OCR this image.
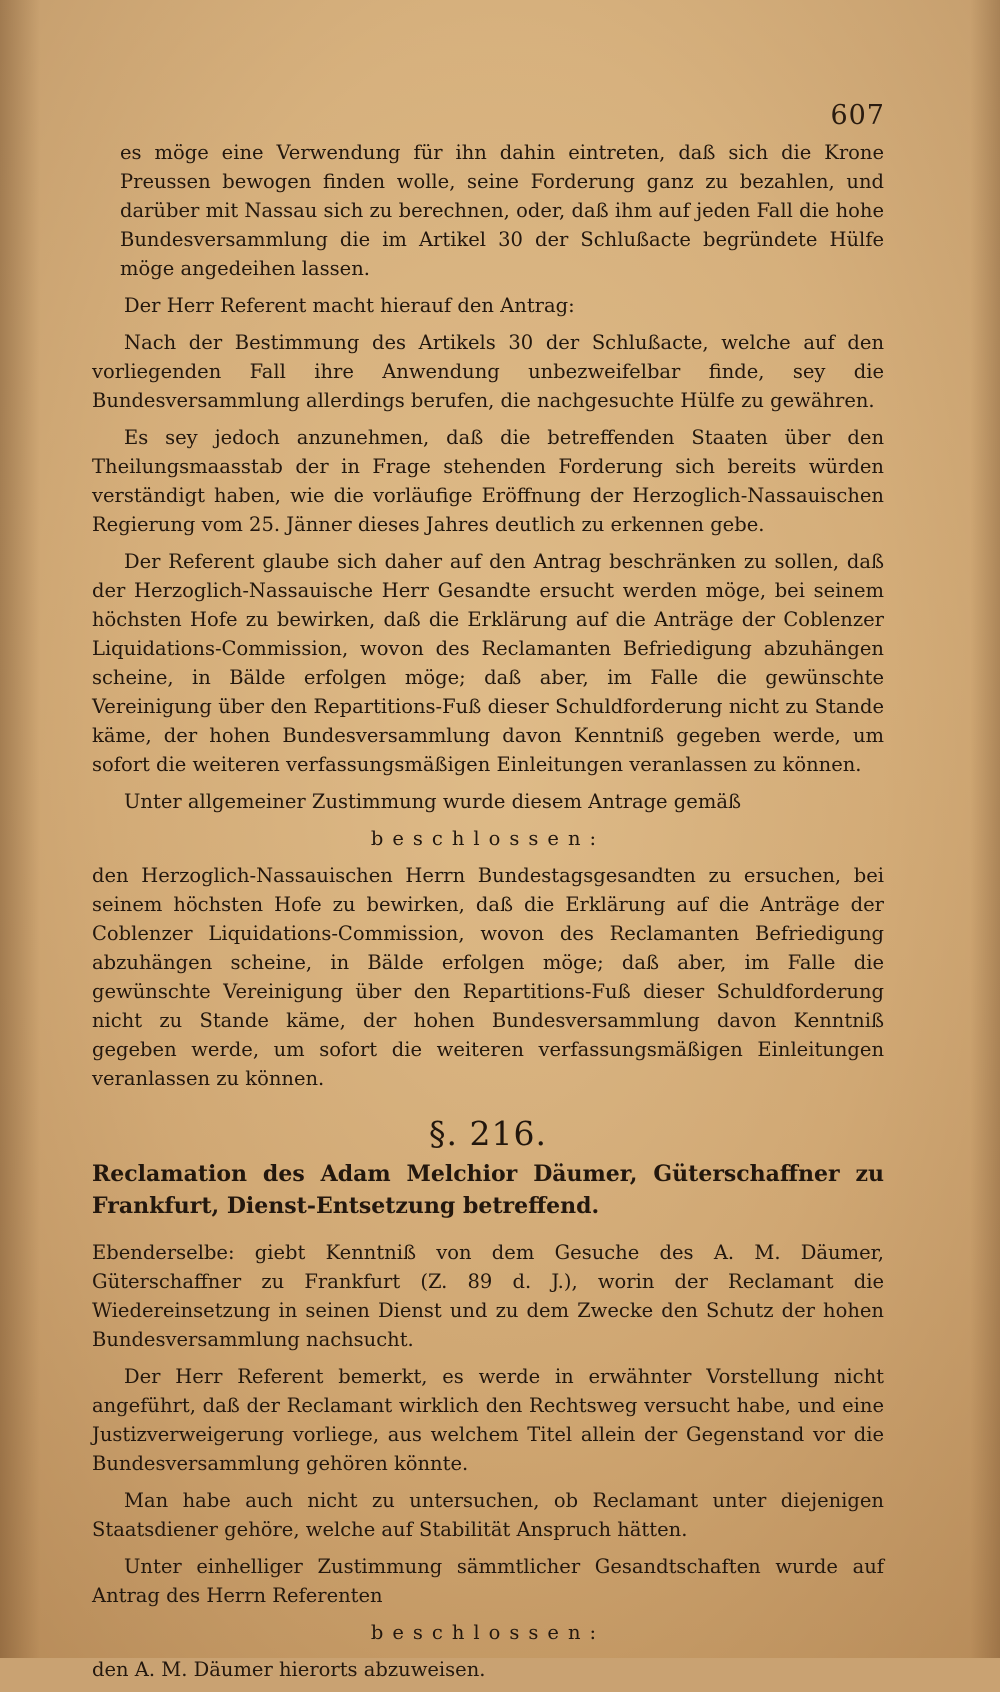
607

es möge eine Verwendung für ihn dahin eintreten, daß sich die Krone Preussen bewogen finden wolle, seine Forderung ganz zu bezahlen, und darüber mit Nassau sich zu berechnen, oder, daß ihm auf jeden Fall die hohe Bundesversammlung die im Artikel 30 der Schlußacte begründete Hülfe möge angedeihen lassen.

Der Herr Referent macht hierauf den Antrag:

Nach der Bestimmung des Artikels 30 der Schlußacte, welche auf den vorliegenden Fall ihre Anwendung unbezweifelbar finde, sey die Bundesversammlung allerdings berufen, die nachgesuchte Hülfe zu gewähren.

Es sey jedoch anzunehmen, daß die betreffenden Staaten über den Theilungsmaasstab der in Frage stehenden Forderung sich bereits würden verständigt haben, wie die vorläufige Eröffnung der Herzoglich-Nassauischen Regierung vom 25. Jänner dieses Jahres deutlich zu erkennen gebe.

Der Referent glaube sich daher auf den Antrag beschränken zu sollen, daß der Herzoglich-Nassauische Herr Gesandte ersucht werden möge, bei seinem höchsten Hofe zu bewirken, daß die Erklärung auf die Anträge der Coblenzer Liquidations-Commission, wovon des Reclamanten Befriedigung abzuhängen scheine, in Bälde erfolgen möge; daß aber, im Falle die gewünschte Vereinigung über den Repartitions-Fuß dieser Schuldforderung nicht zu Stande käme, der hohen Bundesversammlung davon Kenntniß gegeben werde, um sofort die weiteren verfassungsmäßigen Einleitungen veranlassen zu können.

Unter allgemeiner Zustimmung wurde diesem Antrage gemäß

beschlossen:

den Herzoglich-Nassauischen Herrn Bundestagsgesandten zu ersuchen, bei seinem höchsten Hofe zu bewirken, daß die Erklärung auf die Anträge der Coblenzer Liquidations-Commission, wovon des Reclamanten Befriedigung abzuhängen scheine, in Bälde erfolgen möge; daß aber, im Falle die gewünschte Vereinigung über den Repartitions-Fuß dieser Schuldforderung nicht zu Stande käme, der hohen Bundesversammlung davon Kenntniß gegeben werde, um sofort die weiteren verfassungsmäßigen Einleitungen veranlassen zu können.

§. 216.

Reclamation des Adam Melchior Däumer, Güterschaffner zu Frankfurt, Dienst-Entsetzung betreffend.

Ebenderselbe: giebt Kenntniß von dem Gesuche des A. M. Däumer, Güterschaffner zu Frankfurt (Z. 89 d. J.), worin der Reclamant die Wiedereinsetzung in seinen Dienst und zu dem Zwecke den Schutz der hohen Bundesversammlung nachsucht.

Der Herr Referent bemerkt, es werde in erwähnter Vorstellung nicht angeführt, daß der Reclamant wirklich den Rechtsweg versucht habe, und eine Justizverweigerung vorliege, aus welchem Titel allein der Gegenstand vor die Bundesversammlung gehören könnte.

Man habe auch nicht zu untersuchen, ob Reclamant unter diejenigen Staatsdiener gehöre, welche auf Stabilität Anspruch hätten.

Unter einhelliger Zustimmung sämmtlicher Gesandtschaften wurde auf Antrag des Herrn Referenten

beschlossen:

den A. M. Däumer hierorts abzuweisen.
